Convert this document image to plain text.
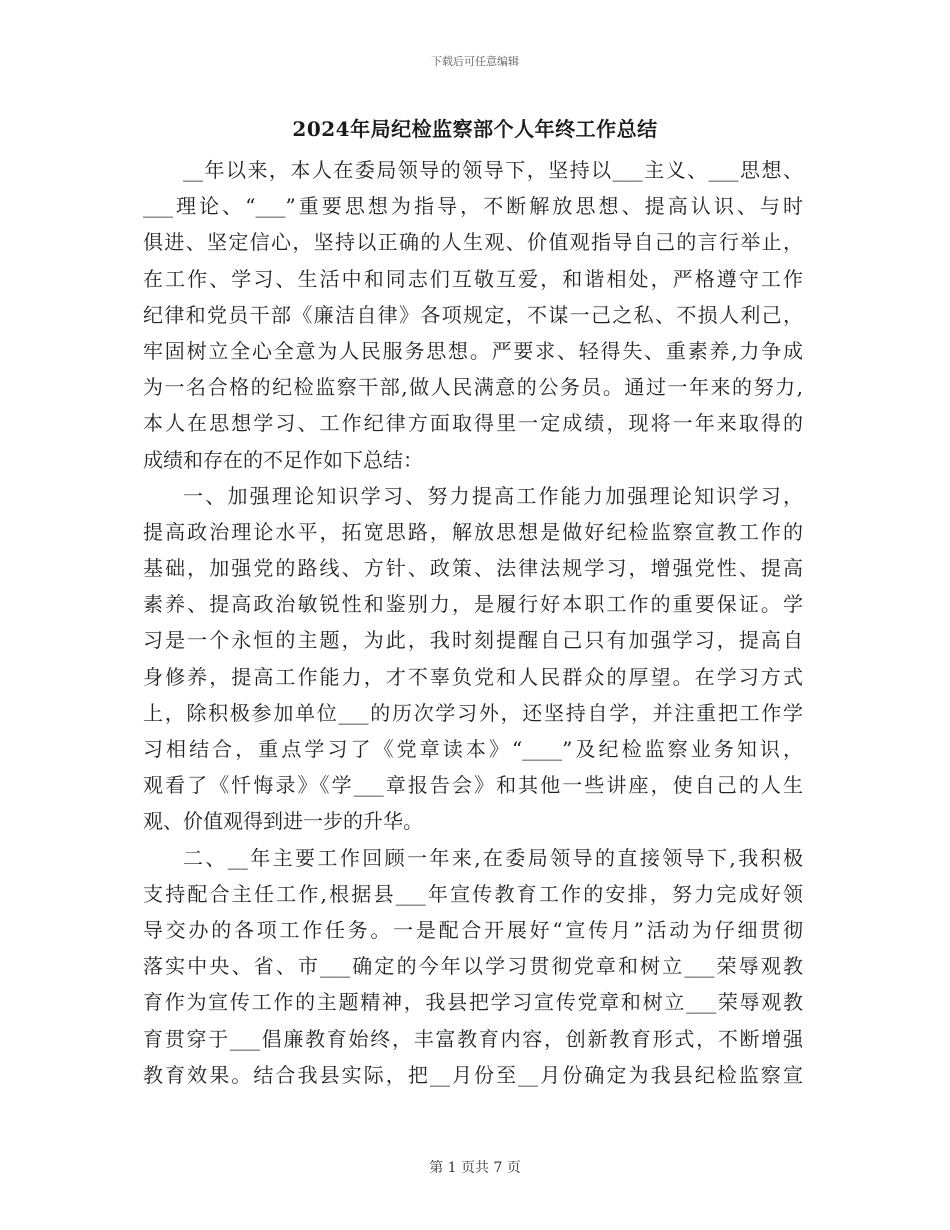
下载后可任意编辑
2024年局纪检监察部个人年终工作总结
__年以来，本人在委局领导的领导下，坚持以___主义、___思想、
___理论、“___”重要思想为指导，不断解放思想、提高认识、与时
俱进、坚定信心，坚持以正确的人生观、价值观指导自己的言行举止，
在工作、学习、生活中和同志们互敬互爱，和谐相处，严格遵守工作
纪律和党员干部《廉洁自律》各项规定，不谋一己之私、不损人利己，
牢固树立全心全意为人民服务思想。严要求、轻得失、重素养,力争成
为一名合格的纪检监察干部,做人民满意的公务员。通过一年来的努力,
本人在思想学习、工作纪律方面取得里一定成绩，现将一年来取得的
成绩和存在的不足作如下总结：
一、加强理论知识学习、努力提高工作能力加强理论知识学习，
提高政治理论水平，拓宽思路，解放思想是做好纪检监察宣教工作的
基础，加强党的路线、方针、政策、法律法规学习，增强党性、提高
素养、提高政治敏锐性和鉴别力，是履行好本职工作的重要保证。学
习是一个永恒的主题，为此，我时刻提醒自己只有加强学习，提高自
身修养，提高工作能力，才不辜负党和人民群众的厚望。在学习方式
上，除积极参加单位___的历次学习外，还坚持自学，并注重把工作学
习相结合，重点学习了《党章读本》“____”及纪检监察业务知识，
观看了《忏悔录》《学___章报告会》和其他一些讲座，使自己的人生
观、价值观得到进一步的升华。
二、__年主要工作回顾一年来,在委局领导的直接领导下,我积极
支持配合主任工作,根据县___年宣传教育工作的安排，努力完成好领
导交办的各项工作任务。一是配合开展好“宣传月”活动为仔细贯彻
落实中央、省、市___确定的今年以学习贯彻党章和树立___荣辱观教
育作为宣传工作的主题精神，我县把学习宣传党章和树立___荣辱观教
育贯穿于___倡廉教育始终，丰富教育内容，创新教育形式，不断增强
教育效果。结合我县实际，把__月份至__月份确定为我县纪检监察宣
第 1 页共 7 页
